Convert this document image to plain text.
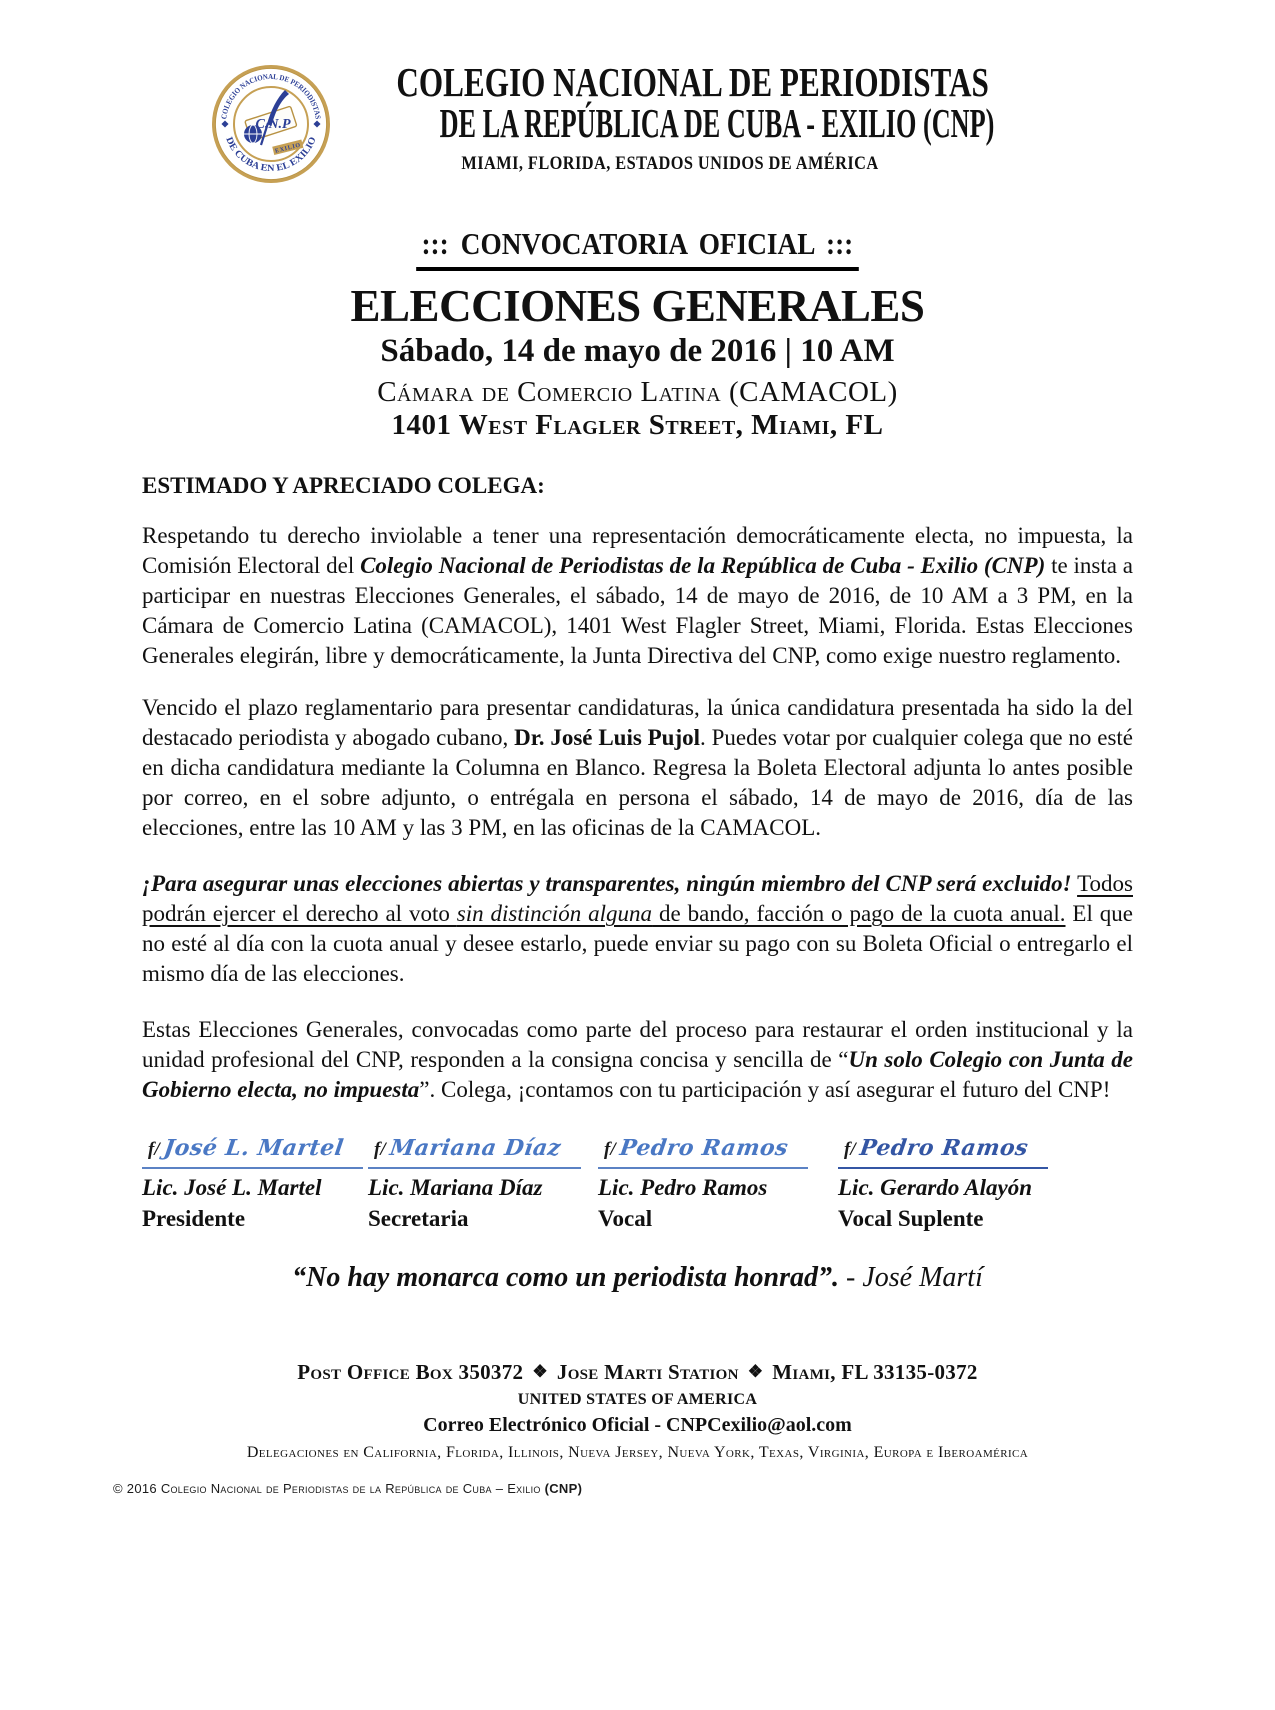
COLEGIO NACIONAL DE PERIODISTAS
DE CUBA EN EL EXILIO
C.N.P
EXILIO
COLEGIO NACIONAL DE PERIODISTAS
DE LA REPÚBLICA DE CUBA - EXILIO (CNP)
MIAMI, FLORIDA, ESTADOS UNIDOS DE AMÉRICA
::: CONVOCATORIA OFICIAL :::
ELECCIONES GENERALES
Sábado, 14 de mayo de 2016 | 10 AM
Cámara de Comercio Latina (CAMACOL)
1401 West Flagler Street, Miami, FL
ESTIMADO Y APRECIADO COLEGA:

Respetando tu derecho inviolable a tener una representación democráticamente electa, no impuesta, la Comisión Electoral del Colegio Nacional de Periodistas de la República de Cuba - Exilio (CNP) te insta a participar en nuestras Elecciones Generales, el sábado, 14 de mayo de 2016, de 10 AM a 3 PM, en la Cámara de Comercio Latina (CAMACOL), 1401 West Flagler Street, Miami, Florida. Estas Elecciones Generales elegirán, libre y democráticamente, la Junta Directiva del CNP, como exige nuestro reglamento.

Vencido el plazo reglamentario para presentar candidaturas, la única candidatura presentada ha sido la del destacado periodista y abogado cubano, Dr. José Luis Pujol. Puedes votar por cualquier colega que no esté en dicha candidatura mediante la Columna en Blanco. Regresa la Boleta Electoral adjunta lo antes posible por correo, en el sobre adjunto, o entrégala en persona el sábado, 14 de mayo de 2016, día de las elecciones, entre las 10 AM y las 3 PM, en las oficinas de la CAMACOL.

¡Para asegurar unas elecciones abiertas y transparentes, ningún miembro del CNP será excluido! Todos podrán ejercer el derecho al voto sin distinción alguna de bando, facción o pago de la cuota anual. El que no esté al día con la cuota anual y desee estarlo, puede enviar su pago con su Boleta Oficial o entregarlo el mismo día de las elecciones.

Estas Elecciones Generales, convocadas como parte del proceso para restaurar el orden institucional y la unidad profesional del CNP, responden a la consigna concisa y sencilla de “Un solo Colegio con Junta de Gobierno electa, no impuesta”. Colega, ¡contamos con tu participación y así asegurar el futuro del CNP!

f/ José L. Martel
Lic. José L. Martel
Presidente
f/ Mariana Díaz
Lic. Mariana Díaz
Secretaria
f/ Pedro Ramos
Lic. Pedro Ramos
Vocal
f/ Pedro Ramos
Lic. Gerardo Alayón
Vocal Suplente
“No hay monarca como un periodista honrad”. - José Martí
Post Office Box 350372 ❖ Jose Marti Station ❖ Miami, FL 33135-0372
UNITED STATES OF AMERICA
Correo Electrónico Oficial - CNPCexilio@aol.com
Delegaciones en California, Florida, Illinois, Nueva Jersey, Nueva York, Texas, Virginia, Europa e Iberoamérica
© 2016 Colegio Nacional de Periodistas de la República de Cuba – Exilio (CNP)
